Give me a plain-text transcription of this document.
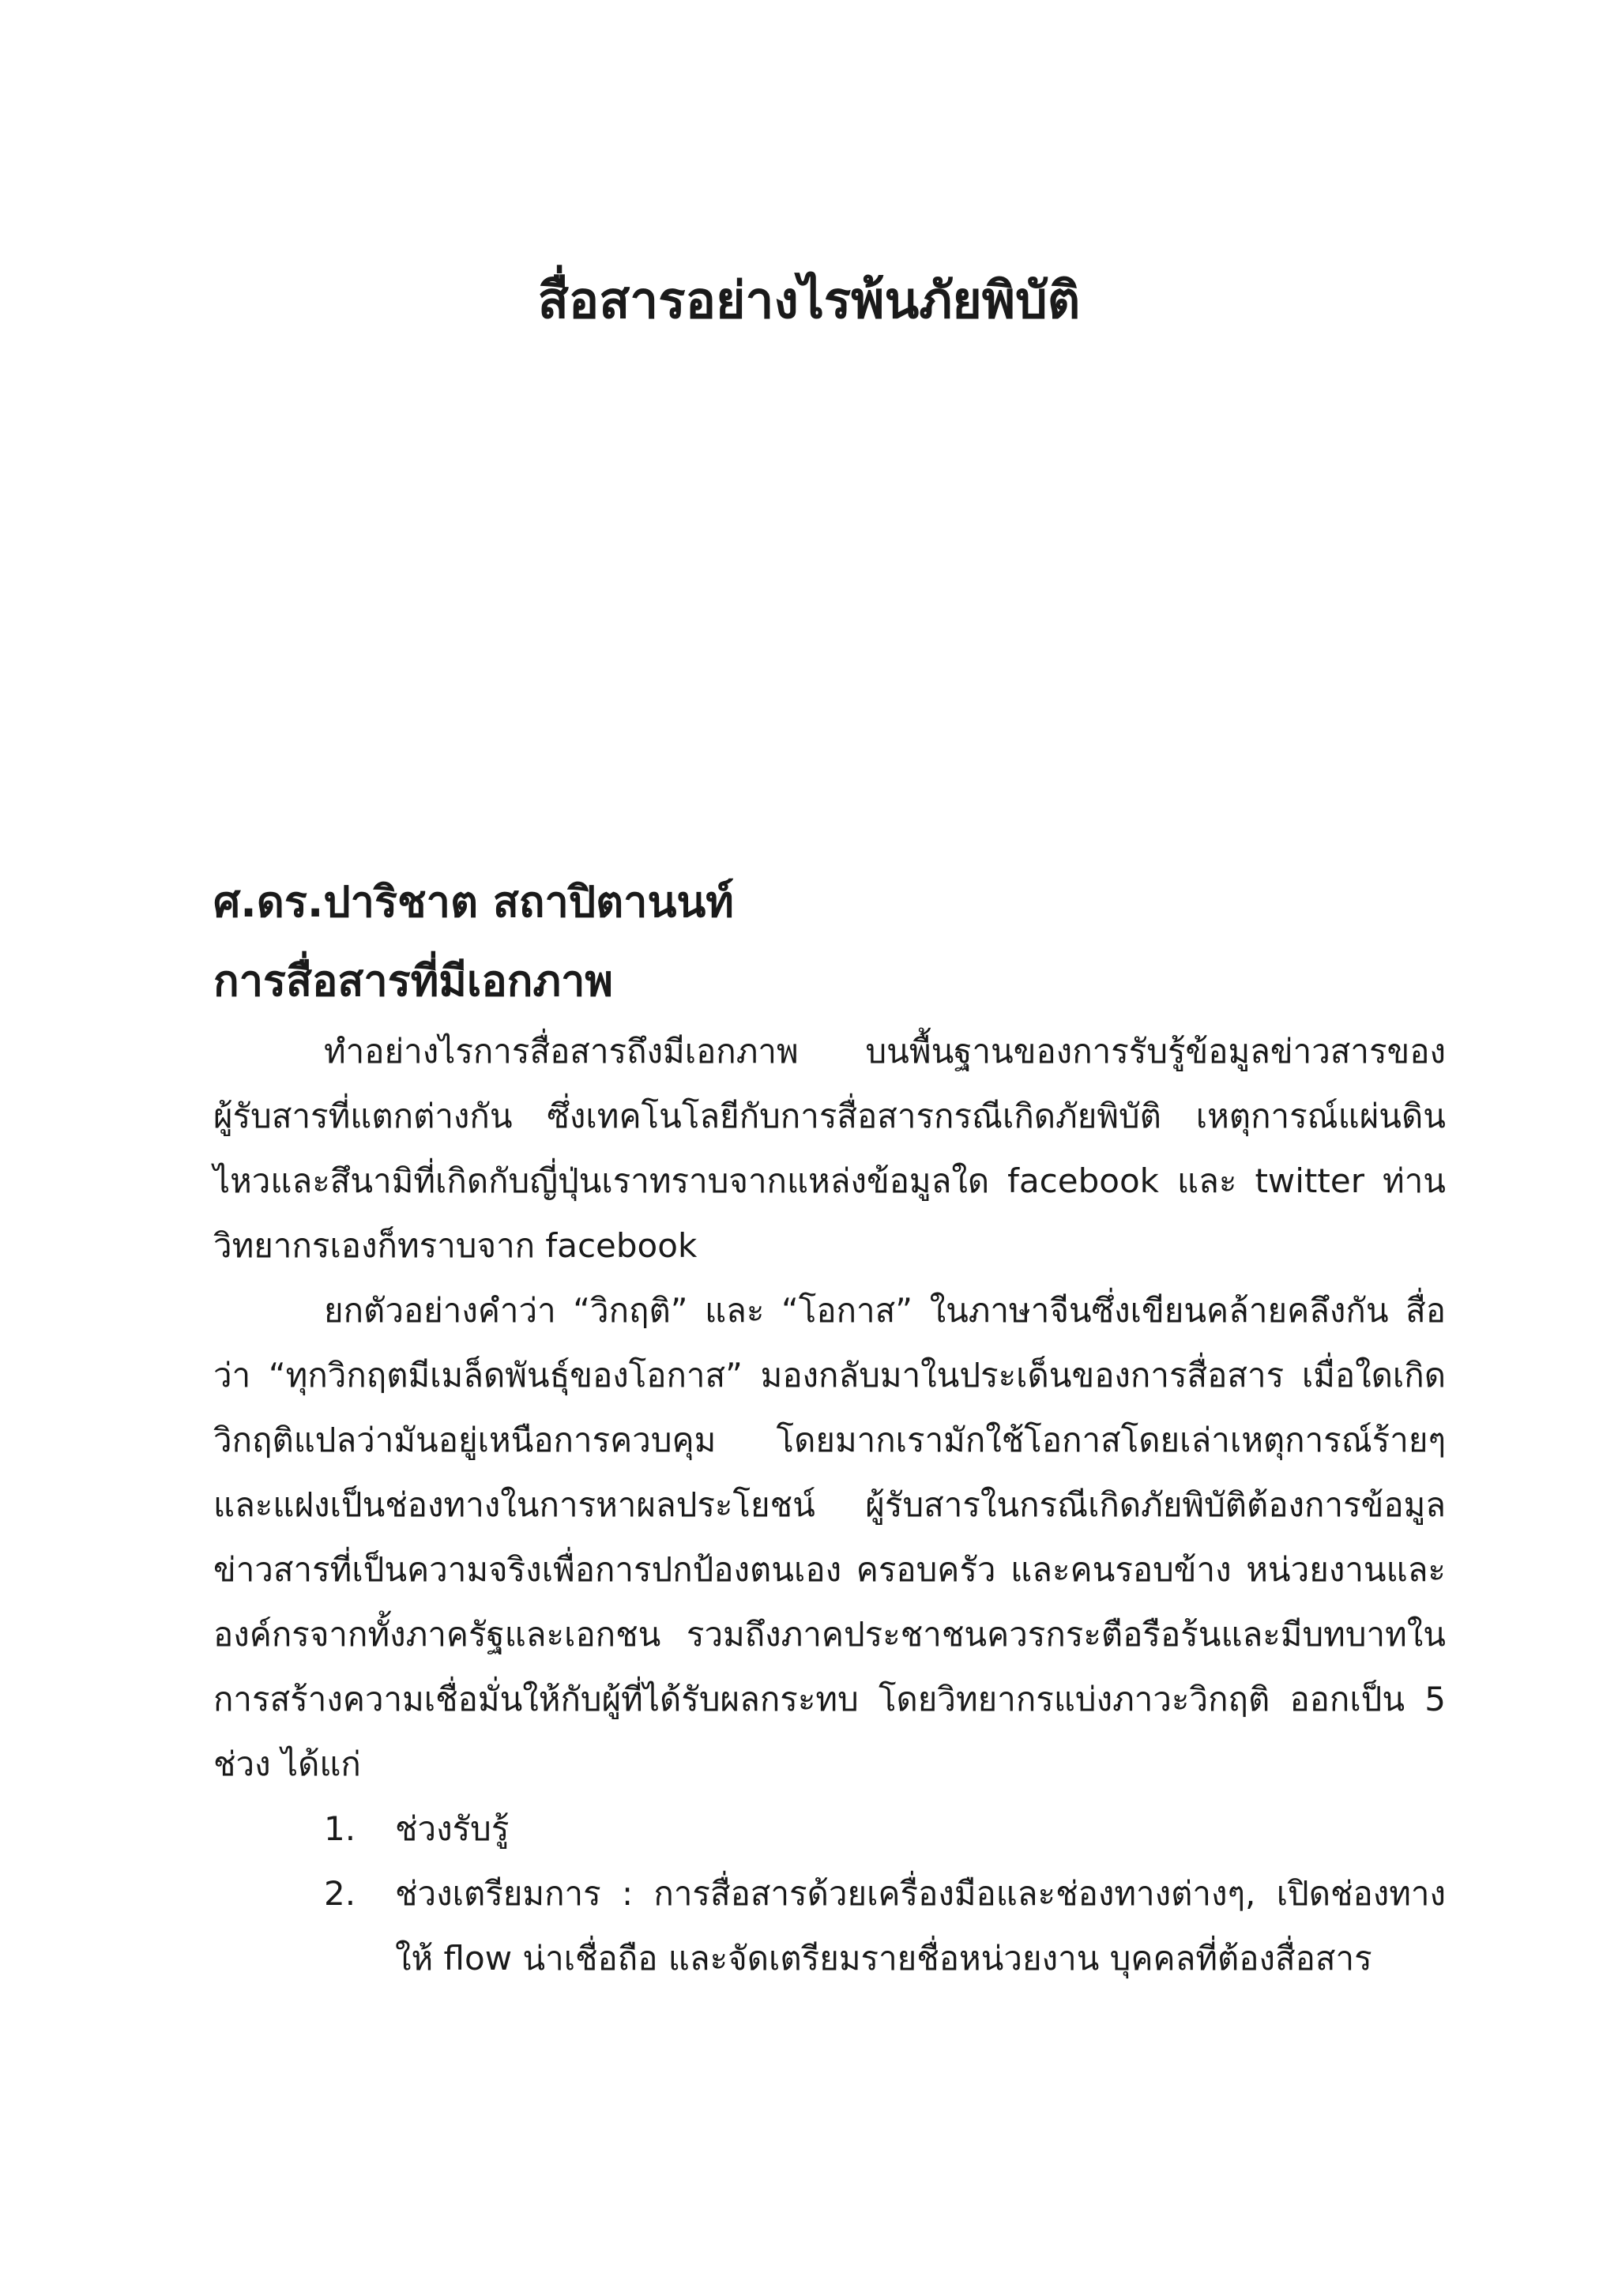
สื่อสารอย่างไรพ้นภัยพิบัติ
ศ.ดร.ปาริชาต สถาปิตานนท์
การสื่อสารที่มีเอกภาพ

ทำอย่างไรการสื่อสารถึงมีเอกภาพ บนพื้นฐานของการรับรู้ข้อมูลข่าวสารของผู้รับสารที่แตกต่างกัน ซึ่งเทคโนโลยีกับการสื่อสารกรณีเกิดภัยพิบัติ เหตุการณ์แผ่นดินไหวและสึนามิที่เกิดกับญี่ปุ่นเราทราบจากแหล่งข้อมูลใด facebook และ twitter ท่านวิทยากรเองก็ทราบจาก facebook

ยกตัวอย่างคำว่า “วิกฤติ” และ “โอกาส” ในภาษาจีนซึ่งเขียนคล้ายคลึงกัน สื่อว่า “ทุกวิกฤตมีเมล็ดพันธุ์ของโอกาส” มองกลับมาในประเด็นของการสื่อสาร เมื่อใดเกิดวิกฤติแปลว่ามันอยู่เหนือการควบคุม โดยมากเรามักใช้โอกาสโดยเล่าเหตุการณ์ร้ายๆ และแฝงเป็นช่องทางในการหาผลประโยชน์ ผู้รับสารในกรณีเกิดภัยพิบัติต้องการข้อมูล ข่าวสารที่เป็นความจริงเพื่อการปกป้องตนเอง ครอบครัว และคนรอบข้าง หน่วยงานและองค์กรจากทั้งภาครัฐและเอกชน รวมถึงภาคประชาชนควรกระตือรือร้นและมีบทบาทในการสร้างความเชื่อมั่นให้กับผู้ที่ได้รับผลกระทบ โดยวิทยากรแบ่งภาวะวิกฤติ ออกเป็น 5 ช่วง ได้แก่

1. ช่วงรับรู้
2. ช่วงเตรียมการ : การสื่อสารด้วยเครื่องมือและช่องทางต่างๆ, เปิดช่องทางให้ flow น่าเชื่อถือ และจัดเตรียมรายชื่อหน่วยงาน บุคคลที่ต้องสื่อสาร
